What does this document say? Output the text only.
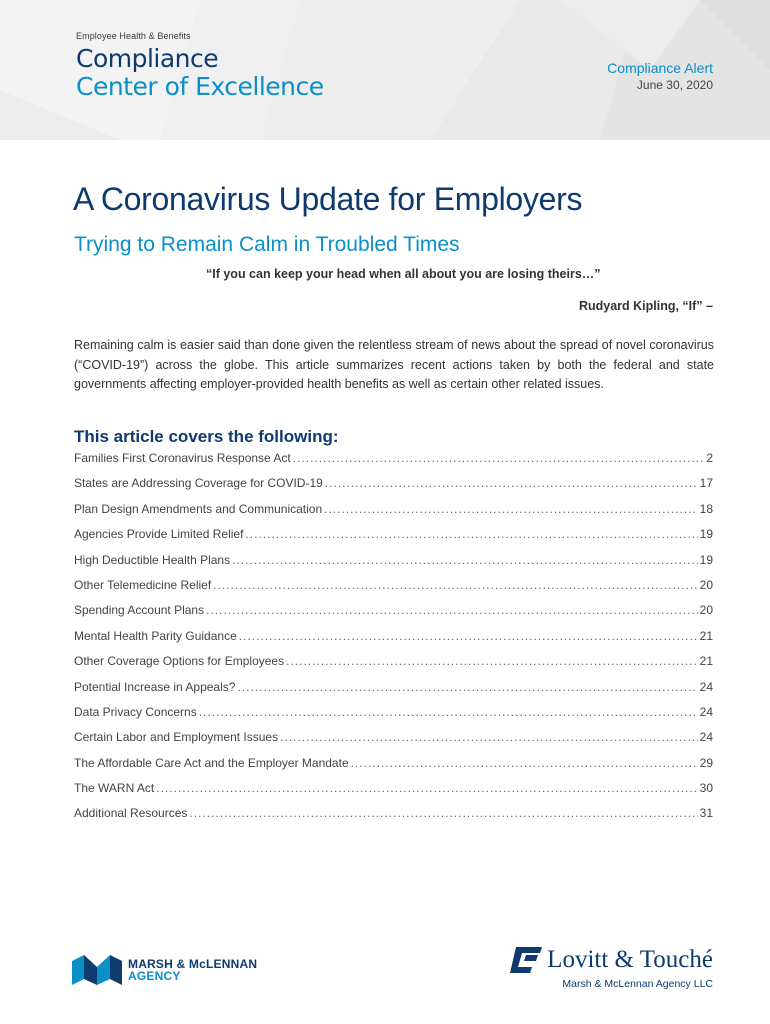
Employee Health & Benefits
Compliance
Center of Excellence
Compliance Alert
June 30, 2020
A Coronavirus Update for Employers
Trying to Remain Calm in Troubled Times
“If you can keep your head when all about you are losing theirs…”
Rudyard Kipling, “If” –

Remaining calm is easier said than done given the relentless stream of news about the spread of novel coronavirus (“COVID-19”) across the globe. This article summarizes recent actions taken by both the federal and state governments affecting employer-provided health benefits as well as certain other related issues.

This article covers the following:
Families First Coronavirus Response Act .....	2
States are Addressing Coverage for COVID-19 .....	17
Plan Design Amendments and Communication .....	18
Agencies Provide Limited Relief .....	19
High Deductible Health Plans .....	19
Other Telemedicine Relief .....	20
Spending Account Plans .....	20
Mental Health Parity Guidance .....	21
Other Coverage Options for Employees .....	21
Potential Increase in Appeals? .....	24
Data Privacy Concerns .....	24
Certain Labor and Employment Issues .....	24
The Affordable Care Act and the Employer Mandate .....	29
The WARN Act .....	30
Additional Resources .....	31
MARSH & McLENNAN
AGENCY
Lovitt & Touché
Marsh & McLennan Agency LLC
